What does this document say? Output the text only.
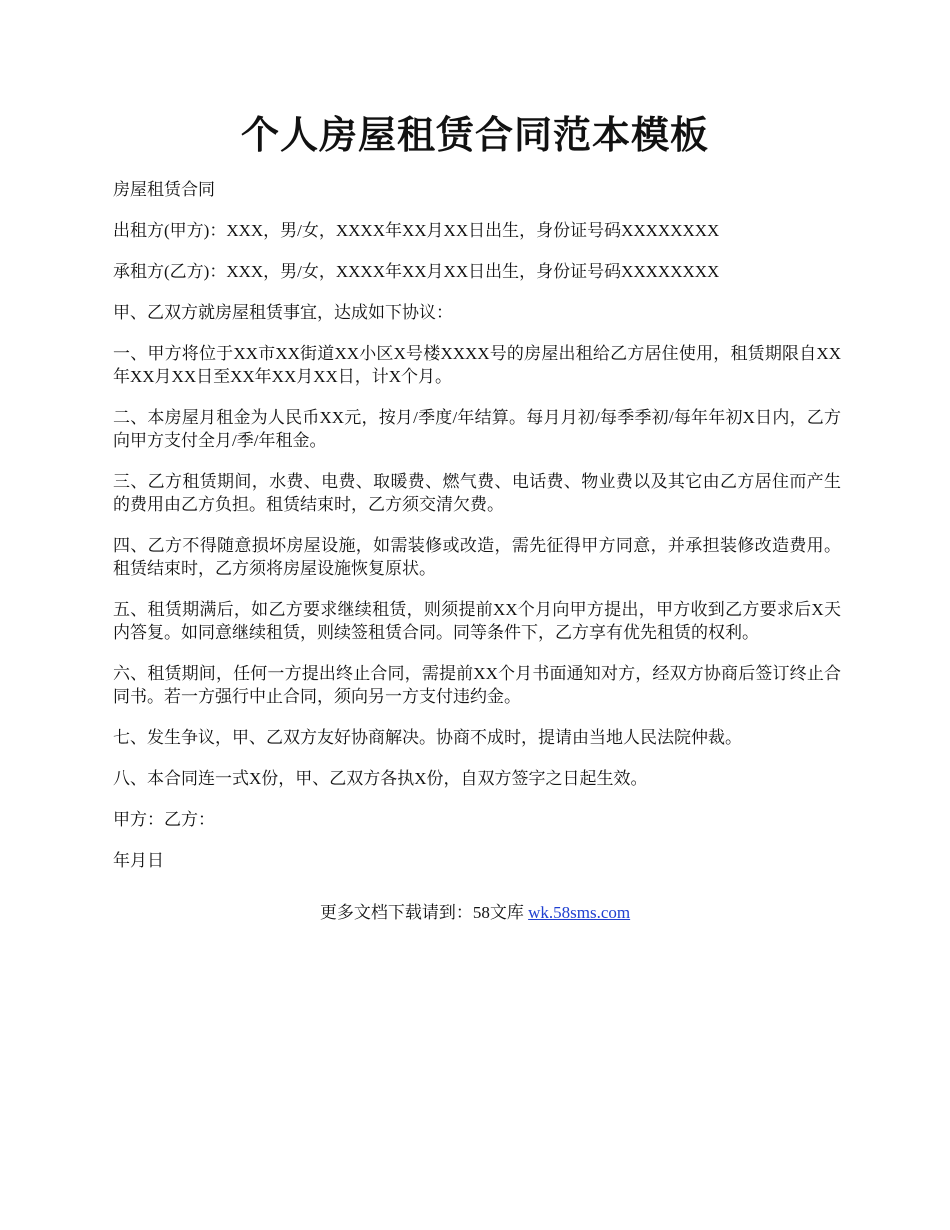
个人房屋租赁合同范本模板

房屋租赁合同

出租方(甲方)：XXX，男/女，XXXX年XX月XX日出生，身份证号码XXXXXXXX

承租方(乙方)：XXX，男/女，XXXX年XX月XX日出生，身份证号码XXXXXXXX

甲、乙双方就房屋租赁事宜，达成如下协议：

一、甲方将位于XX市XX街道XX小区X号楼XXXX号的房屋出租给乙方居住使用，租赁期限自XX年XX月XX日至XX年XX月XX日，计X个月。

二、本房屋月租金为人民币XX元，按月/季度/年结算。每月月初/每季季初/每年年初X日内，乙方向甲方支付全月/季/年租金。

三、乙方租赁期间，水费、电费、取暖费、燃气费、电话费、物业费以及其它由乙方居住而产生的费用由乙方负担。租赁结束时，乙方须交清欠费。

四、乙方不得随意损坏房屋设施，如需装修或改造，需先征得甲方同意，并承担装修改造费用。租赁结束时，乙方须将房屋设施恢复原状。

五、租赁期满后，如乙方要求继续租赁，则须提前XX个月向甲方提出，甲方收到乙方要求后X天内答复。如同意继续租赁，则续签租赁合同。同等条件下，乙方享有优先租赁的权利。

六、租赁期间，任何一方提出终止合同，需提前XX个月书面通知对方，经双方协商后签订终止合同书。若一方强行中止合同，须向另一方支付违约金。

七、发生争议，甲、乙双方友好协商解决。协商不成时，提请由当地人民法院仲裁。

八、本合同连一式X份，甲、乙双方各执X份，自双方签字之日起生效。

甲方：乙方：

年月日

更多文档下载请到：58文库 wk.58sms.com
